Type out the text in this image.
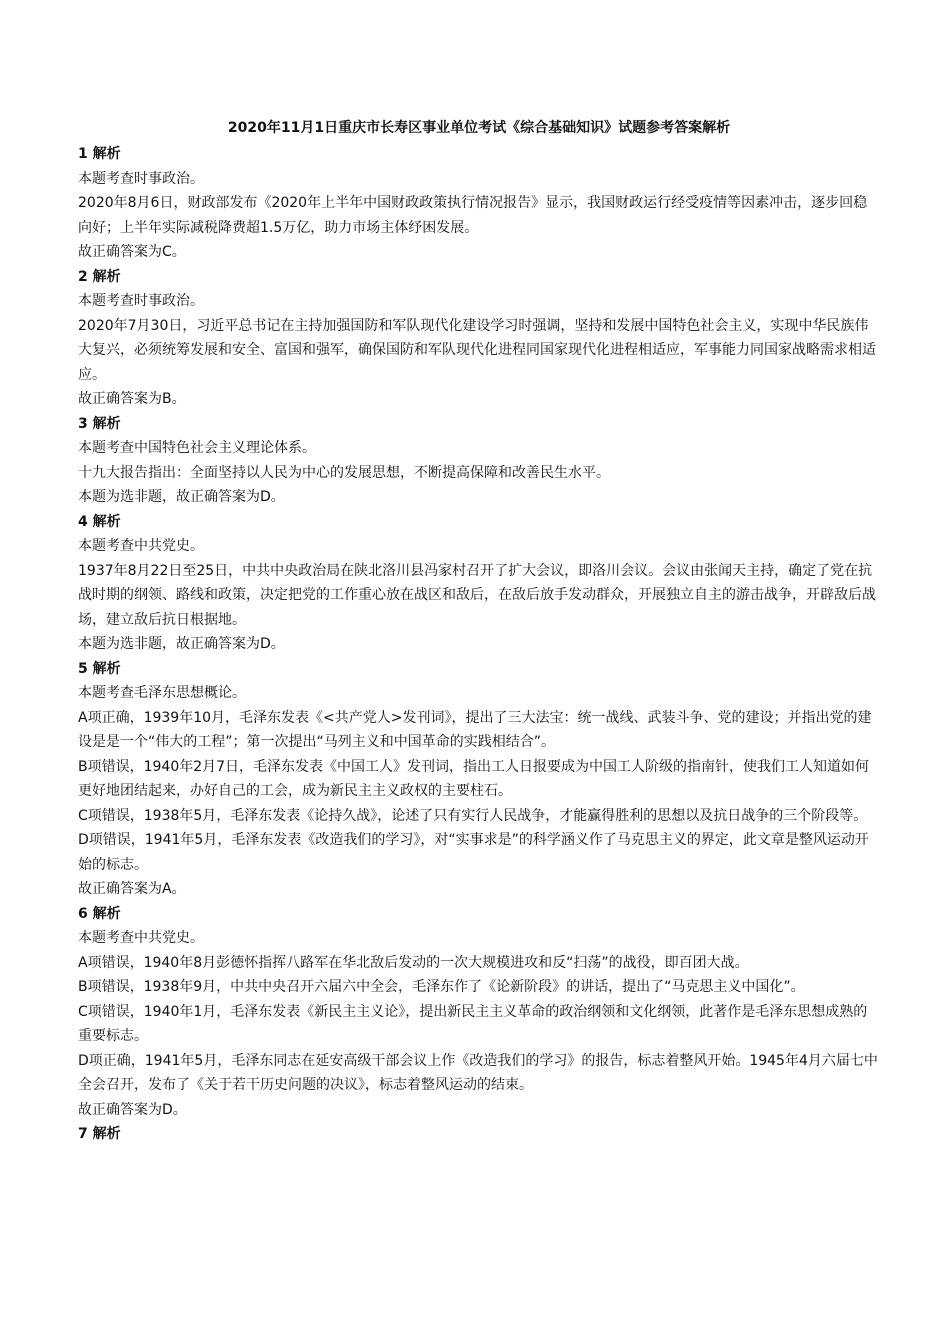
2020年11月1日重庆市长寿区事业单位考试《综合基础知识》试题参考答案解析
1 解析
本题考查时事政治。
2020年8月6日，财政部发布《2020年上半年中国财政政策执行情况报告》显示，我国财政运行经受疫情等因素冲击，逐步回稳向好；上半年实际减税降费超1.5万亿，助力市场主体纾困发展。
故正确答案为C。
2 解析
本题考查时事政治。
2020年7月30日，习近平总书记在主持加强国防和军队现代化建设学习时强调，坚持和发展中国特色社会主义，实现中华民族伟大复兴，必须统筹发展和安全、富国和强军，确保国防和军队现代化进程同国家现代化进程相适应，军事能力同国家战略需求相适应。
故正确答案为B。
3 解析
本题考查中国特色社会主义理论体系。
十九大报告指出：全面坚持以人民为中心的发展思想，不断提高保障和改善民生水平。
本题为选非题，故正确答案为D。
4 解析
本题考查中共党史。
1937年8月22日至25日，中共中央政治局在陕北洛川县冯家村召开了扩大会议，即洛川会议。会议由张闻天主持，确定了党在抗战时期的纲领、路线和政策，决定把党的工作重心放在战区和敌后，在敌后放手发动群众，开展独立自主的游击战争，开辟敌后战场，建立敌后抗日根据地。
本题为选非题，故正确答案为D。
5 解析
本题考查毛泽东思想概论。
A项正确，1939年10月，毛泽东发表《<共产党人>发刊词》，提出了三大法宝：统一战线、武装斗争、党的建设；并指出党的建设是是一个“伟大的工程”；第一次提出“马列主义和中国革命的实践相结合”。
B项错误，1940年2月7日，毛泽东发表《中国工人》发刊词，指出工人日报要成为中国工人阶级的指南针，使我们工人知道如何更好地团结起来，办好自己的工会，成为新民主主义政权的主要柱石。
C项错误，1938年5月，毛泽东发表《论持久战》，论述了只有实行人民战争，才能赢得胜利的思想以及抗日战争的三个阶段等。
D项错误，1941年5月，毛泽东发表《改造我们的学习》，对“实事求是”的科学涵义作了马克思主义的界定，此文章是整风运动开始的标志。
故正确答案为A。
6 解析
本题考查中共党史。
A项错误，1940年8月彭德怀指挥八路军在华北敌后发动的一次大规模进攻和反“扫荡”的战役，即百团大战。
B项错误，1938年9月，中共中央召开六届六中全会，毛泽东作了《论新阶段》的讲话，提出了“马克思主义中国化”。
C项错误，1940年1月，毛泽东发表《新民主主义论》，提出新民主主义革命的政治纲领和文化纲领，此著作是毛泽东思想成熟的重要标志。
D项正确，1941年5月，毛泽东同志在延安高级干部会议上作《改造我们的学习》的报告，标志着整风开始。1945年4月六届七中全会召开，发布了《关于若干历史问题的决议》，标志着整风运动的结束。
故正确答案为D。
7 解析
